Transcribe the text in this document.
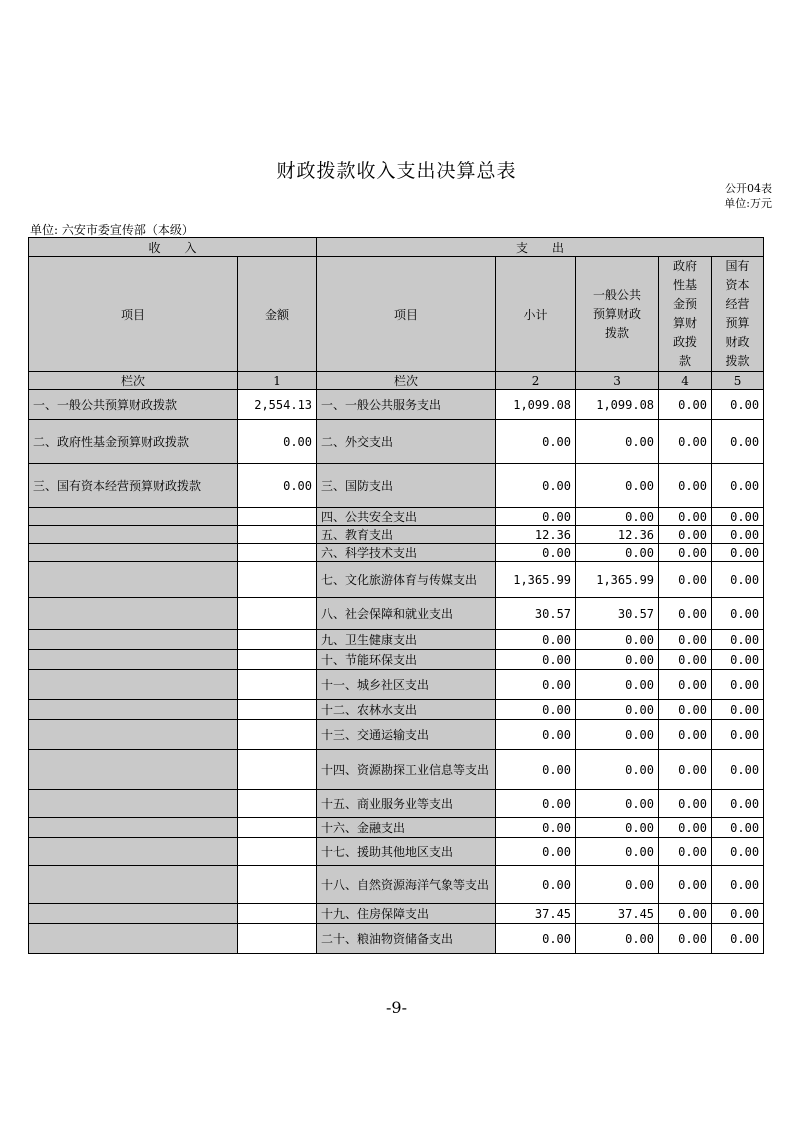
财政拨款收入支出决算总表
公开04表
单位:万元
单位: 六安市委宣传部（本级）
收　　入		支　　出				
项目	金额	项目	小计	一般公共预算财政拨款	政府性基金预算财政拨款	国有资本经营预算财政拨款
栏次	1	栏次	2	3	4	5
一、一般公共预算财政拨款	2,554.13	一、一般公共服务支出	1,099.08	1,099.08	0.00	0.00
二、政府性基金预算财政拨款	0.00	二、外交支出	0.00	0.00	0.00	0.00
三、国有资本经营预算财政拨款	0.00	三、国防支出	0.00	0.00	0.00	0.00
		四、公共安全支出	0.00	0.00	0.00	0.00
		五、教育支出	12.36	12.36	0.00	0.00
		六、科学技术支出	0.00	0.00	0.00	0.00
		七、文化旅游体育与传媒支出	1,365.99	1,365.99	0.00	0.00
		八、社会保障和就业支出	30.57	30.57	0.00	0.00
		九、卫生健康支出	0.00	0.00	0.00	0.00
		十、节能环保支出	0.00	0.00	0.00	0.00
		十一、城乡社区支出	0.00	0.00	0.00	0.00
		十二、农林水支出	0.00	0.00	0.00	0.00
		十三、交通运输支出	0.00	0.00	0.00	0.00
		十四、资源勘探工业信息等支出	0.00	0.00	0.00	0.00
		十五、商业服务业等支出	0.00	0.00	0.00	0.00
		十六、金融支出	0.00	0.00	0.00	0.00
		十七、援助其他地区支出	0.00	0.00	0.00	0.00
		十八、自然资源海洋气象等支出	0.00	0.00	0.00	0.00
		十九、住房保障支出	37.45	37.45	0.00	0.00
		二十、粮油物资储备支出	0.00	0.00	0.00	0.00
-9-
